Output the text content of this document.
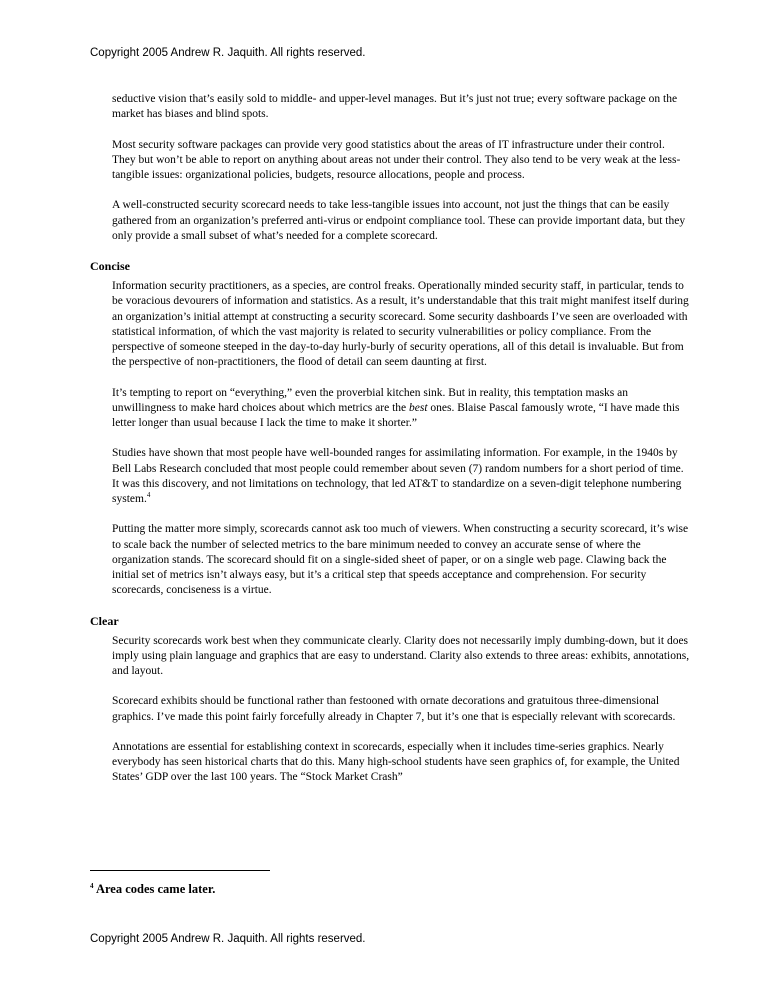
Copyright 2005 Andrew R. Jaquith. All rights reserved.

seductive vision that’s easily sold to middle- and upper-level manages. But it’s just not true; every software package on the market has biases and blind spots.

Most security software packages can provide very good statistics about the areas of IT infrastructure under their control. They but won’t be able to report on anything about areas not under their control. They also tend to be very weak at the less-tangible issues: organizational policies, budgets, resource allocations, people and process.

A well-constructed security scorecard needs to take less-tangible issues into account, not just the things that can be easily gathered from an organization’s preferred anti-virus or endpoint compliance tool. These can provide important data, but they only provide a small subset of what’s needed for a complete scorecard.

Concise

Information security practitioners, as a species, are control freaks. Operationally minded security staff, in particular, tends to be voracious devourers of information and statistics. As a result, it’s understandable that this trait might manifest itself during an organization’s initial attempt at constructing a security scorecard. Some security dashboards I’ve seen are overloaded with statistical information, of which the vast majority is related to security vulnerabilities or policy compliance. From the perspective of someone steeped in the day-to-day hurly-burly of security operations, all of this detail is invaluable. But from the perspective of non-practitioners, the flood of detail can seem daunting at first.

It’s tempting to report on “everything,” even the proverbial kitchen sink. But in reality, this temptation masks an unwillingness to make hard choices about which metrics are the best ones. Blaise Pascal famously wrote, “I have made this letter longer than usual because I lack the time to make it shorter.”

Studies have shown that most people have well-bounded ranges for assimilating information. For example, in the 1940s by Bell Labs Research concluded that most people could remember about seven (7) random numbers for a short period of time. It was this discovery, and not limitations on technology, that led AT&T to standardize on a seven-digit telephone numbering system.$^4$

Putting the matter more simply, scorecards cannot ask too much of viewers. When constructing a security scorecard, it’s wise to scale back the number of selected metrics to the bare minimum needed to convey an accurate sense of where the organization stands. The scorecard should fit on a single-sided sheet of paper, or on a single web page. Clawing back the initial set of metrics isn’t always easy, but it’s a critical step that speeds acceptance and comprehension. For security scorecards, conciseness is a virtue.

Clear

Security scorecards work best when they communicate clearly. Clarity does not necessarily imply dumbing-down, but it does imply using plain language and graphics that are easy to understand. Clarity also extends to three areas: exhibits, annotations, and layout.

Scorecard exhibits should be functional rather than festooned with ornate decorations and gratuitous three-dimensional graphics. I’ve made this point fairly forcefully already in Chapter 7, but it’s one that is especially relevant with scorecards.

Annotations are essential for establishing context in scorecards, especially when it includes time-series graphics. Nearly everybody has seen historical charts that do this. Many high-school students have seen graphics of, for example, the United States’ GDP over the last 100 years. The “Stock Market Crash”

$^4$ Area codes came later.
Copyright 2005 Andrew R. Jaquith. All rights reserved.
